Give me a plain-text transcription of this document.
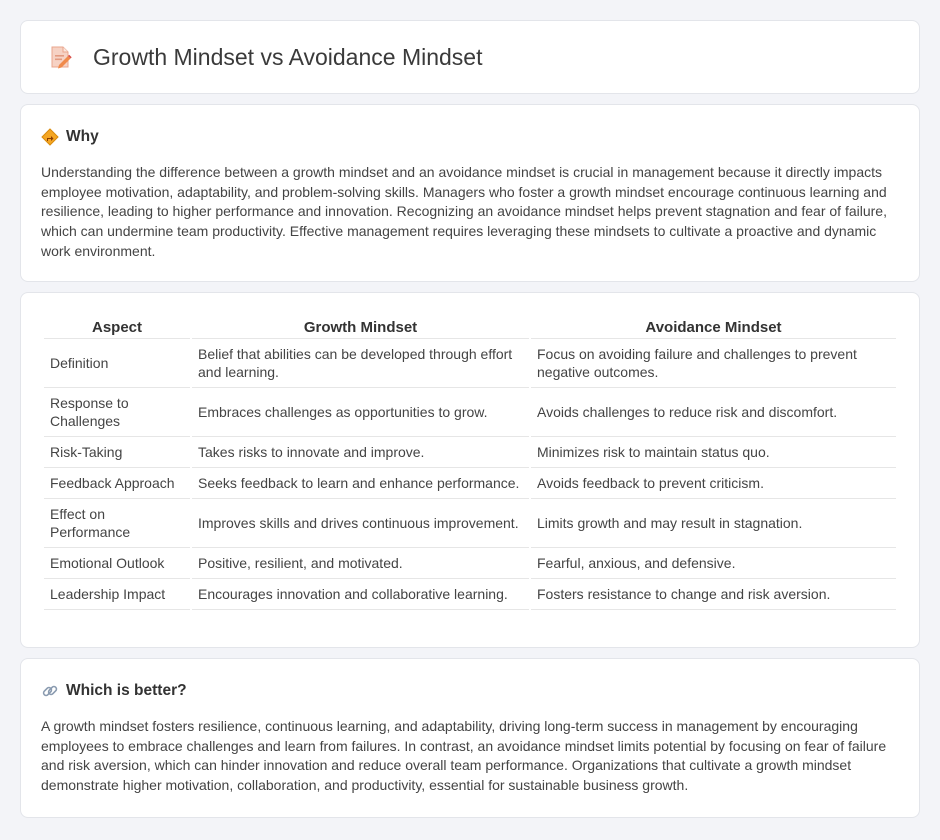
Growth Mindset vs Avoidance Mindset
Why

Understanding the difference between a growth mindset and an avoidance mindset is crucial in management because it directly impacts employee motivation, adaptability, and problem-solving skills. Managers who foster a growth mindset encourage continuous learning and resilience, leading to higher performance and innovation. Recognizing an avoidance mindset helps prevent stagnation and fear of failure, which can undermine team productivity. Effective management requires leveraging these mindsets to cultivate a proactive and dynamic work environment.

Aspect	Growth Mindset	Avoidance Mindset
Definition	Belief that abilities can be developed through effort and learning.	Focus on avoiding failure and challenges to prevent negative outcomes.
Response to Challenges	Embraces challenges as opportunities to grow.	Avoids challenges to reduce risk and discomfort.
Risk-Taking	Takes risks to innovate and improve.	Minimizes risk to maintain status quo.
Feedback Approach	Seeks feedback to learn and enhance performance.	Avoids feedback to prevent criticism.
Effect on Performance	Improves skills and drives continuous improvement.	Limits growth and may result in stagnation.
Emotional Outlook	Positive, resilient, and motivated.	Fearful, anxious, and defensive.
Leadership Impact	Encourages innovation and collaborative learning.	Fosters resistance to change and risk aversion.
Which is better?

A growth mindset fosters resilience, continuous learning, and adaptability, driving long-term success in management by encouraging employees to embrace challenges and learn from failures. In contrast, an avoidance mindset limits potential by focusing on fear of failure and risk aversion, which can hinder innovation and reduce overall team performance. Organizations that cultivate a growth mindset demonstrate higher motivation, collaboration, and productivity, essential for sustainable business growth.
